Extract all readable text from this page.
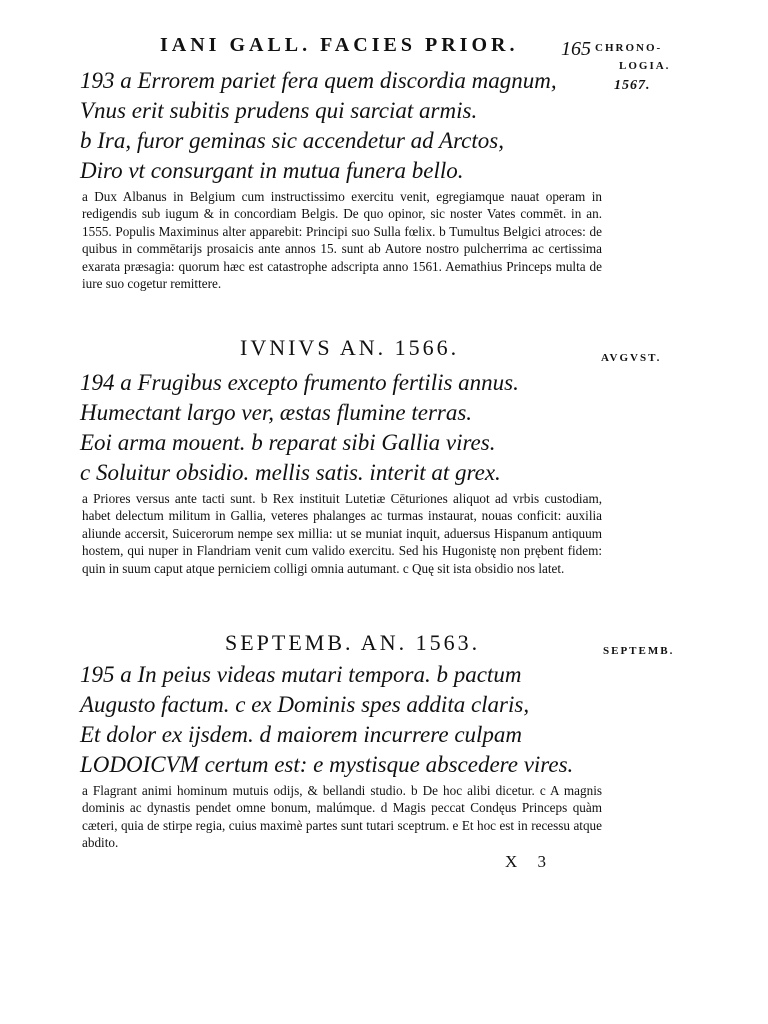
IANI GALL. FACIES PRIOR. 165 CHRONO-
LOGIA.
1567.
193 a Errorem pariet fera quem discordia magnum,
Vnus erit subitis prudens qui sarciat armis.
b Ira, furor geminas sic accendetur ad Arctos,
Diro vt consurgant in mutua funera bello.
a Dux Albanus in Belgium cum instructissimo exercitu venit, egregiamque nauat operam in redigendis sub iugum & in concordiam Belgis. De quo opinor, sic noster Vates commēt. in an. 1555. Populis Maximinus alter apparebit: Principi suo Sulla fœlix. b Tumultus Belgici atroces: de quibus in commētarijs prosaicis ante annos 15. sunt ab Autore nostro pulcherrima ac certissima exarata præsagia: quorum hæc est catastrophe adscripta anno 1561. Aemathius Princeps multa de iure suo cogetur remittere.
IVNIVS AN. 1566.	AVGVST.
194 a Frugibus excepto frumento fertilis annus.
Humectant largo ver, æstas flumine terras.
Eoi arma mouent. b reparat sibi Gallia vires.
c Soluitur obsidio. mellis satis. interit at grex.
a Priores versus ante tacti sunt. b Rex instituit Lutetiæ Cēturiones aliquot ad vrbis custodiam, habet delectum militum in Gallia, veteres phalanges ac turmas instaurat, nouas conficit: auxilia aliunde accersit, Suicerorum nempe sex millia: ut se muniat inquit, aduersus Hispanum antiquum hostem, qui nuper in Flandriam venit cum valido exercitu. Sed his Hugonistę non prębent fidem: quin in suum caput atque perniciem colligi omnia autumant. c Quę sit ista obsidio nos latet.
SEPTEMB. AN. 1563.	SEPTEMB.
195 a In peius videas mutari tempora. b pactum
Augusto factum. c ex Dominis spes addita claris,
Et dolor ex ijsdem. d maiorem incurrere culpam
LODOICVM certum est: e mystisque abscedere vires.
a Flagrant animi hominum mutuis odijs, & bellandi studio. b De hoc alibi dicetur. c A magnis dominis ac dynastis pendet omne bonum, malúmque. d Magis peccat Condęus Princeps quàm cæteri, quia de stirpe regia, cuius maximè partes sunt tutari sceptrum. e Et hoc est in recessu atque abdito.
X 3
